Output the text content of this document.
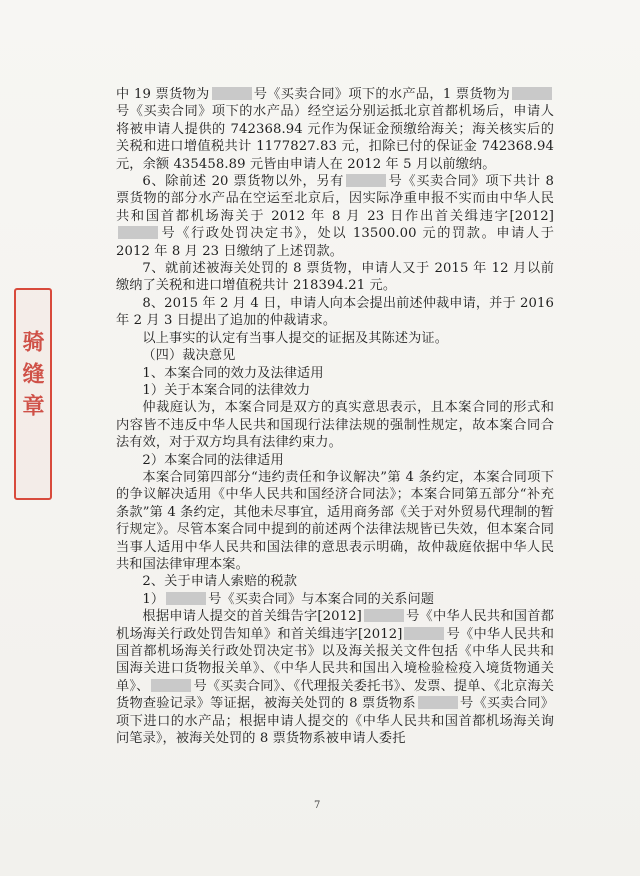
骑缝章

中 19 票货物为	号《买卖合同》项下的水产品，1 票货物为号《买卖合同》项下的水产品）经空运分别运抵北京首都机场后，申请人将被申请人提供的 742368.94 元作为保证金预缴给海关；海关核实后的关税和进口增值税共计 1177827.83 元，扣除已付的保证金 742368.94 元，余额 435458.89 元皆由申请人在 2012 年 5 月以前缴纳。

6、除前述 20 票货物以外，另有	号《买卖合同》项下共计 8 票货物的部分水产品在空运至北京后，因实际净重申报不实而由中华人民共和国首都机场海关于 2012 年 8 月 23 日作出首关缉违字[2012]号《行政处罚决定书》，处以 13500.00 元的罚款。申请人于 2012 年 8 月 23 日缴纳了上述罚款。

7、就前述被海关处罚的 8 票货物，申请人又于 2015 年 12 月以前缴纳了关税和进口增值税共计 218394.21 元。

8、2015 年 2 月 4 日，申请人向本会提出前述仲裁申请，并于 2016 年 2 月 3 日提出了追加的仲裁请求。

以上事实的认定有当事人提交的证据及其陈述为证。

（四）裁决意见

1、本案合同的效力及法律适用

1）关于本案合同的法律效力

仲裁庭认为，本案合同是双方的真实意思表示，且本案合同的形式和内容皆不违反中华人民共和国现行法律法规的强制性规定，故本案合同合法有效，对于双方均具有法律约束力。

2）本案合同的法律适用

本案合同第四部分“违约责任和争议解决”第 4 条约定，本案合同项下的争议解决适用《中华人民共和国经济合同法》；本案合同第五部分“补充条款”第 4 条约定，其他未尽事宜，适用商务部《关于对外贸易代理制的暂行规定》。尽管本案合同中提到的前述两个法律法规皆已失效，但本案合同当事人适用中华人民共和国法律的意思表示明确，故仲裁庭依据中华人民共和国法律审理本案。

2、关于申请人索赔的税款

1）	号《买卖合同》与本案合同的关系问题

根据申请人提交的首关缉告字[2012]	号《中华人民共和国首都机场海关行政处罚告知单》和首关缉违字[2012]	号《中华人民共和国首都机场海关行政处罚决定书》以及海关报关文件包括《中华人民共和国海关进口货物报关单》、《中华人民共和国出入境检验检疫入境货物通关单》、	号《买卖合同》、《代理报关委托书》、发票、提单、《北京海关货物查验记录》等证据，被海关处罚的 8 票货物系	号《买卖合同》项下进口的水产品；根据申请人提交的《中华人民共和国首都机场海关询问笔录》，被海关处罚的 8 票货物系被申请人委托

7
